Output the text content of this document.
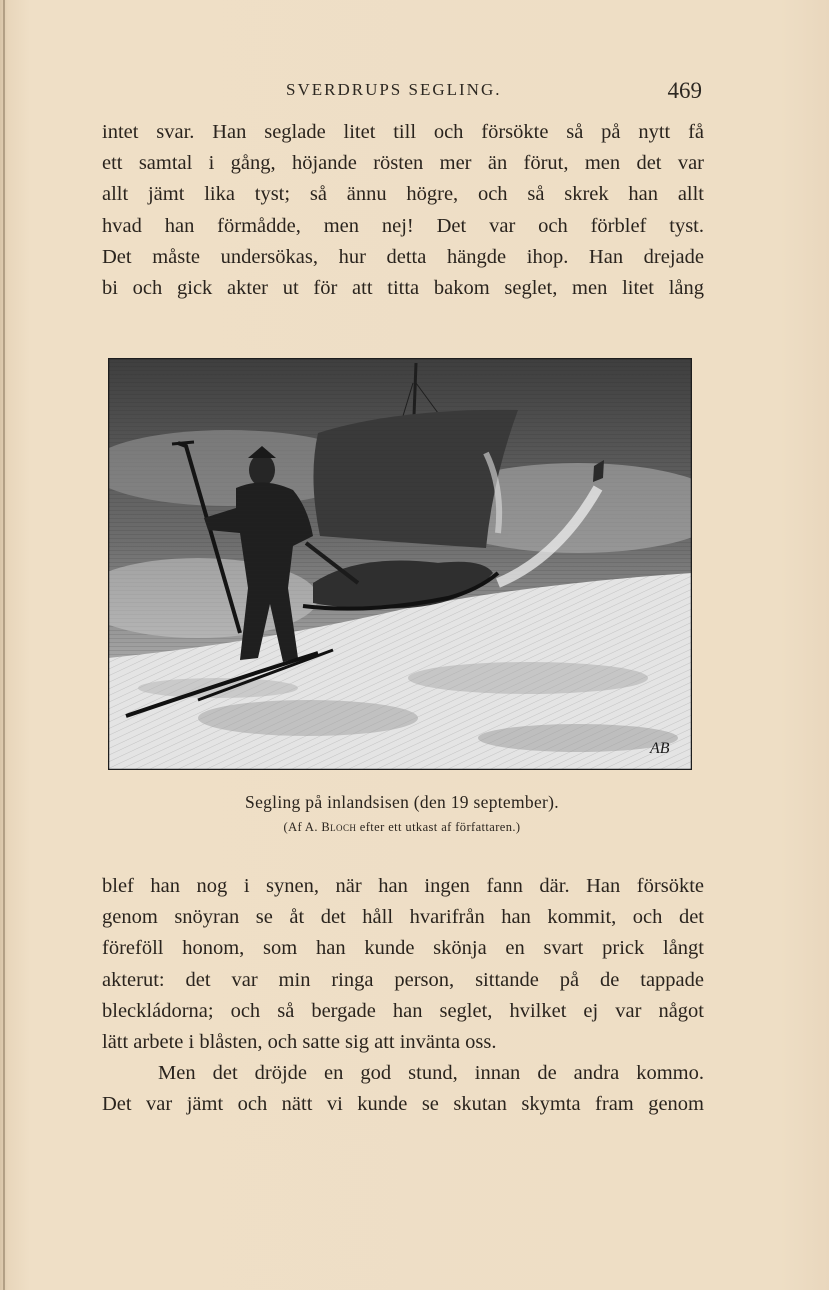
SVERDRUPS SEGLING.	469
intet svar. Han seglade litet till och försökte så på nytt få
ett samtal i gång, höjande rösten mer än förut, men det var
allt jämt lika tyst; så ännu högre, och så skrek han allt
hvad han förmådde, men nej! Det var och förblef tyst.
Det måste undersökas, hur detta hängde ihop. Han drejade
bi och gick akter ut för att titta bakom seglet, men litet lång
AB
Segling på inlandsisen (den 19 september).
(Af A. Bloch efter ett utkast af författaren.)
blef han nog i synen, när han ingen fann där. Han försökte
genom snöyran se åt det håll hvarifrån han kommit, och det
föreföll honom, som han kunde skönja en svart prick långt
akterut: det var min ringa person, sittande på de tappade
bleckládorna; och så bergade han seglet, hvilket ej var något
lätt arbete i blåsten, och satte sig att invänta oss.
Men det dröjde en god stund, innan de andra kommo.
Det var jämt och nätt vi kunde se skutan skymta fram genom
